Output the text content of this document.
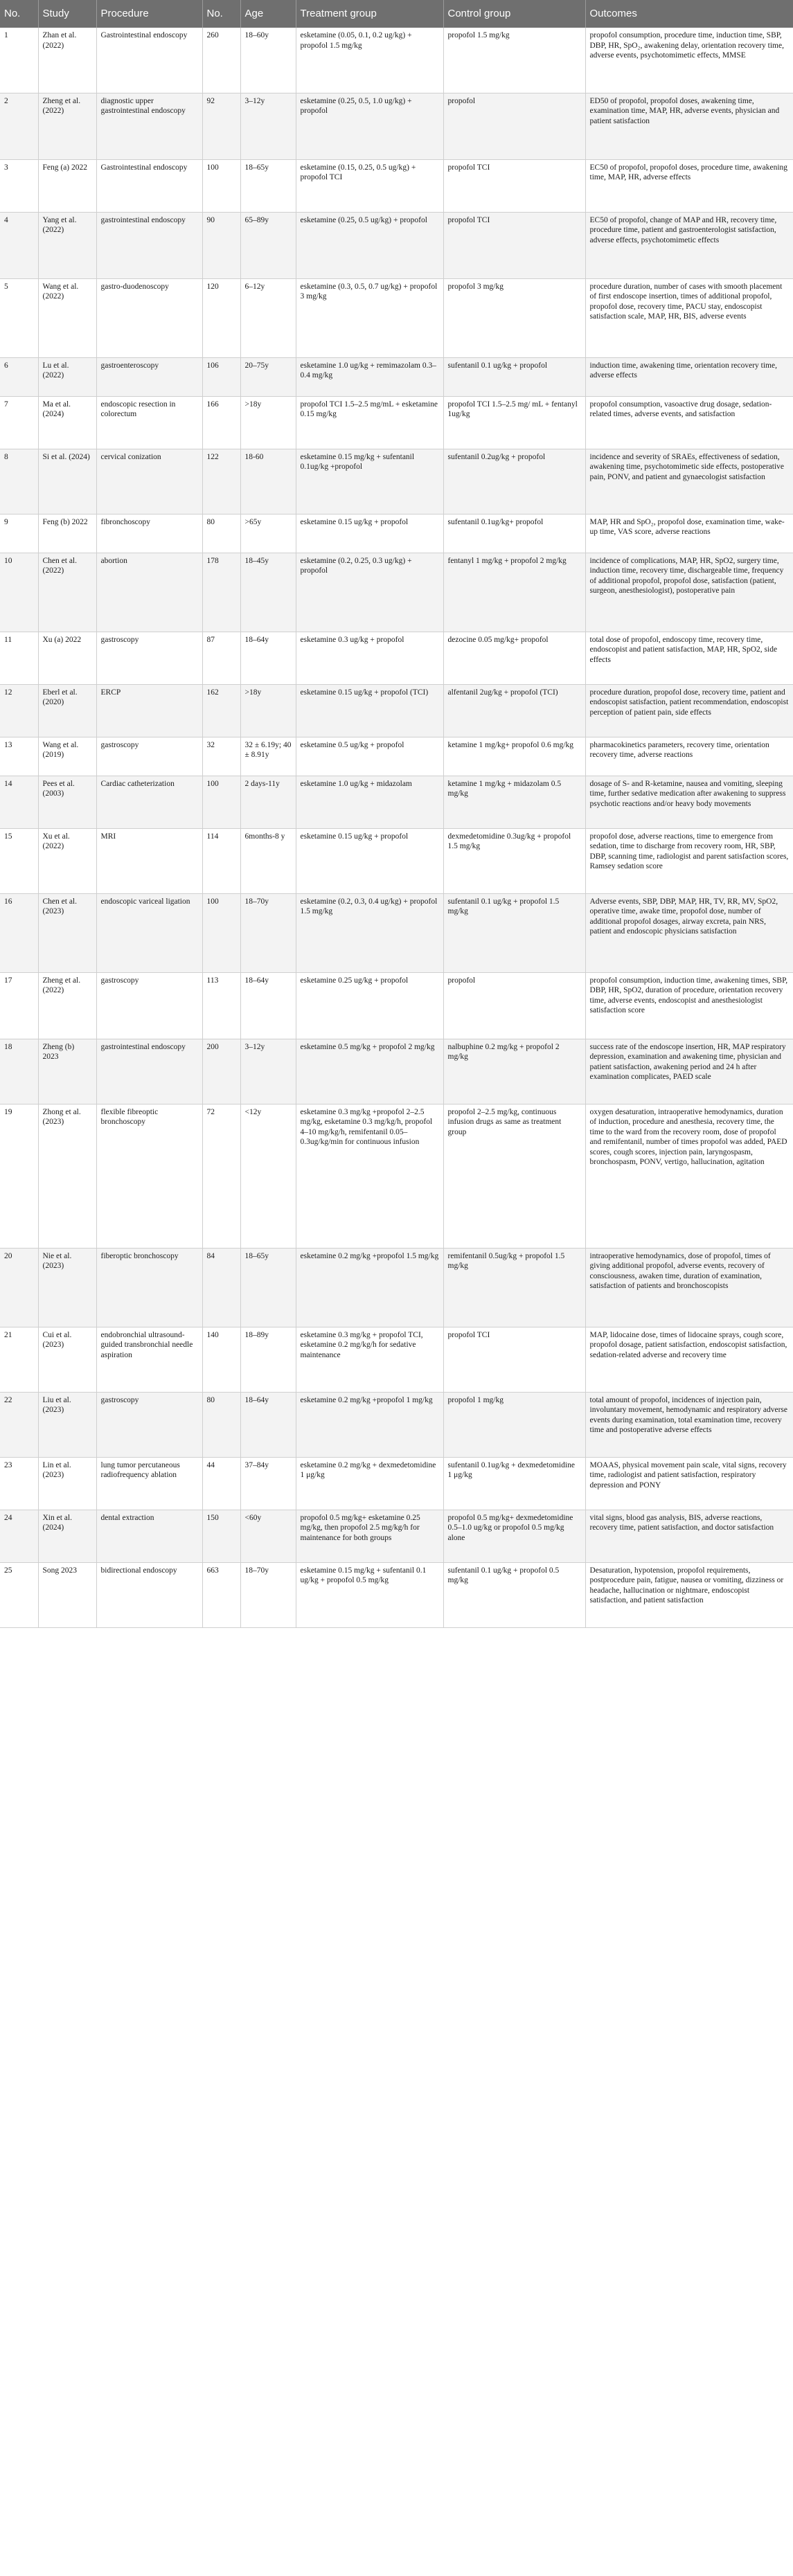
No.	Study	Procedure	No.	Age	Treatment group	Control group	Outcomes
1	Zhan et al. (2022)	Gastrointestinal endoscopy	260	18–60y	esketamine (0.05, 0.1, 0.2 ug/kg) + propofol 1.5 mg/kg	propofol 1.5 mg/kg	propofol consumption, procedure time, induction time, SBP, DBP, HR, SpO₂, awakening delay, orientation recovery time, adverse events, psychotomimetic effects, MMSE
2	Zheng et al. (2022)	diagnostic upper gastrointestinal endoscopy	92	3–12y	esketamine (0.25, 0.5, 1.0 ug/kg) + propofol	propofol	ED50 of propofol, propofol doses, awakening time, examination time, MAP, HR, adverse events, physician and patient satisfaction
3	Feng (a) 2022	Gastrointestinal endoscopy	100	18–65y	esketamine (0.15, 0.25, 0.5 ug/kg) + propofol TCI	propofol TCI	EC50 of propofol, propofol doses, procedure time, awakening time, MAP, HR, adverse effects
4	Yang et al. (2022)	gastrointestinal endoscopy	90	65–89y	esketamine (0.25, 0.5 ug/kg) + propofol	propofol TCI	EC50 of propofol, change of MAP and HR, recovery time, procedure time, patient and gastroenterologist satisfaction, adverse effects, psychotomimetic effects
5	Wang et al. (2022)	gastro-duodenoscopy	120	6–12y	esketamine (0.3, 0.5, 0.7 ug/kg) + propofol 3 mg/kg	propofol 3 mg/kg	procedure duration, number of cases with smooth placement of first endoscope insertion, times of additional propofol, propofol dose, recovery time, PACU stay, endoscopist satisfaction scale, MAP, HR, BIS, adverse events
6	Lu et al. (2022)	gastroenteroscopy	106	20–75y	esketamine 1.0 ug/kg + remimazolam 0.3–0.4 mg/kg	sufentanil 0.1 ug/kg + propofol	induction time, awakening time, orientation recovery time, adverse effects
7	Ma et al. (2024)	endoscopic resection in colorectum	166	>18y	propofol TCI 1.5–2.5 mg/mL + esketamine 0.15 mg/kg	propofol TCI 1.5–2.5 mg/ mL + fentanyl 1ug/kg	propofol consumption, vasoactive drug dosage, sedation-related times, adverse events, and satisfaction
8	Si et al. (2024)	cervical conization	122	18-60	esketamine 0.15 mg/kg + sufentanil 0.1ug/kg +propofol	sufentanil 0.2ug/kg + propofol	incidence and severity of SRAEs, effectiveness of sedation, awakening time, psychotomimetic side effects, postoperative pain, PONV, and patient and gynaecologist satisfaction
9	Feng (b) 2022	fibronchoscopy	80	>65y	esketamine 0.15 ug/kg + propofol	sufentanil 0.1ug/kg+ propofol	MAP, HR and SpO₂, propofol dose, examination time, wake-up time, VAS score, adverse reactions
10	Chen et al. (2022)	abortion	178	18–45y	esketamine (0.2, 0.25, 0.3 ug/kg) + propofol	fentanyl 1 mg/kg + propofol 2 mg/kg	incidence of complications, MAP, HR, SpO2, surgery time, induction time, recovery time, dischargeable time, frequency of additional propofol, propofol dose, satisfaction (patient, surgeon, anesthesiologist), postoperative pain
11	Xu (a) 2022	gastroscopy	87	18–64y	esketamine 0.3 ug/kg + propofol	dezocine 0.05 mg/kg+ propofol	total dose of propofol, endoscopy time, recovery time, endoscopist and patient satisfaction, MAP, HR, SpO2, side effects
12	Eberl et al. (2020)	ERCP	162	>18y	esketamine 0.15 ug/kg + propofol (TCI)	alfentanil 2ug/kg + propofol (TCI)	procedure duration, propofol dose, recovery time, patient and endoscopist satisfaction, patient recommendation, endoscopist perception of patient pain, side effects
13	Wang et al. (2019)	gastroscopy	32	32 ± 6.19y; 40 ± 8.91y	esketamine 0.5 ug/kg + propofol	ketamine 1 mg/kg+ propofol 0.6 mg/kg	pharmacokinetics parameters, recovery time, orientation recovery time, adverse reactions
14	Pees et al. (2003)	Cardiac catheterization	100	2 days-11y	esketamine 1.0 ug/kg + midazolam	ketamine 1 mg/kg + midazolam 0.5 mg/kg	dosage of S- and R-ketamine, nausea and vomiting, sleeping time, further sedative medication after awakening to suppress psychotic reactions and/or heavy body movements
15	Xu et al. (2022)	MRI	114	6months-8 y	esketamine 0.15 ug/kg + propofol	dexmedetomidine 0.3ug/kg + propofol 1.5 mg/kg	propofol dose, adverse reactions, time to emergence from sedation, time to discharge from recovery room, HR, SBP, DBP, scanning time, radiologist and parent satisfaction scores, Ramsey sedation score
16	Chen et al. (2023)	endoscopic variceal ligation	100	18–70y	esketamine (0.2, 0.3, 0.4 ug/kg) + propofol 1.5 mg/kg	sufentanil 0.1 ug/kg + propofol 1.5 mg/kg	Adverse events, SBP, DBP, MAP, HR, TV, RR, MV, SpO2, operative time, awake time, propofol dose, number of additional propofol dosages, airway excreta, pain NRS, patient and endoscopic physicians satisfaction
17	Zheng et al. (2022)	gastroscopy	113	18–64y	esketamine 0.25 ug/kg + propofol	propofol	propofol consumption, induction time, awakening times, SBP, DBP, HR, SpO2, duration of procedure, orientation recovery time, adverse events, endoscopist and anesthesiologist satisfaction score
18	Zheng (b) 2023	gastrointestinal endoscopy	200	3–12y	esketamine 0.5 mg/kg + propofol 2 mg/kg	nalbuphine 0.2 mg/kg + propofol 2 mg/kg	success rate of the endoscope insertion, HR, MAP respiratory depression, examination and awakening time, physician and patient satisfaction, awakening period and 24 h after examination complicates, PAED scale
19	Zhong et al. (2023)	flexible fibreoptic bronchoscopy	72	<12y	esketamine 0.3 mg/kg +propofol 2–2.5 mg/kg, esketamine 0.3 mg/kg/h, propofol 4–10 mg/kg/h, remifentanil 0.05–0.3ug/kg/min for continuous infusion	propofol 2–2.5 mg/kg, continuous infusion drugs as same as treatment group	oxygen desaturation, intraoperative hemodynamics, duration of induction, procedure and anesthesia, recovery time, the time to the ward from the recovery room, dose of propofol and remifentanil, number of times propofol was added, PAED scores, cough scores, injection pain, laryngospasm, bronchospasm, PONV, vertigo, hallucination, agitation
20	Nie et al. (2023)	fiberoptic bronchoscopy	84	18–65y	esketamine 0.2 mg/kg +propofol 1.5 mg/kg	remifentanil 0.5ug/kg + propofol 1.5 mg/kg	intraoperative hemodynamics, dose of propofol, times of giving additional propofol, adverse events, recovery of consciousness, awaken time, duration of examination, satisfaction of patients and bronchoscopists
21	Cui et al. (2023)	endobronchial ultrasound-guided transbronchial needle aspiration	140	18–89y	esketamine 0.3 mg/kg + propofol TCI, esketamine 0.2 mg/kg/h for sedative maintenance	propofol TCI	MAP, lidocaine dose, times of lidocaine sprays, cough score, propofol dosage, patient satisfaction, endoscopist satisfaction, sedation-related adverse and recovery time
22	Liu et al. (2023)	gastroscopy	80	18–64y	esketamine 0.2 mg/kg +propofol 1 mg/kg	propofol 1 mg/kg	total amount of propofol, incidences of injection pain, involuntary movement, hemodynamic and respiratory adverse events during examination, total examination time, recovery time and postoperative adverse effects
23	Lin et al. (2023)	lung tumor percutaneous radiofrequency ablation	44	37–84y	esketamine 0.2 mg/kg + dexmedetomidine 1 μg/kg	sufentanil 0.1ug/kg + dexmedetomidine 1 μg/kg	MOAAS, physical movement pain scale, vital signs, recovery time, radiologist and patient satisfaction, respiratory depression and PONY
24	Xin et al. (2024)	dental extraction	150	<60y	propofol 0.5 mg/kg+ esketamine 0.25 mg/kg, then propofol 2.5 mg/kg/h for maintenance for both groups	propofol 0.5 mg/kg+ dexmedetomidine 0.5–1.0 ug/kg or propofol 0.5 mg/kg alone	vital signs, blood gas analysis, BIS, adverse reactions, recovery time, patient satisfaction, and doctor satisfaction
25	Song 2023	bidirectional endoscopy	663	18–70y	esketamine 0.15 mg/kg + sufentanil 0.1 ug/kg + propofol 0.5 mg/kg	sufentanil 0.1 ug/kg + propofol 0.5 mg/kg	Desaturation, hypotension, propofol requirements, postprocedure pain, fatigue, nausea or vomiting, dizziness or headache, hallucination or nightmare, endoscopist satisfaction, and patient satisfaction
